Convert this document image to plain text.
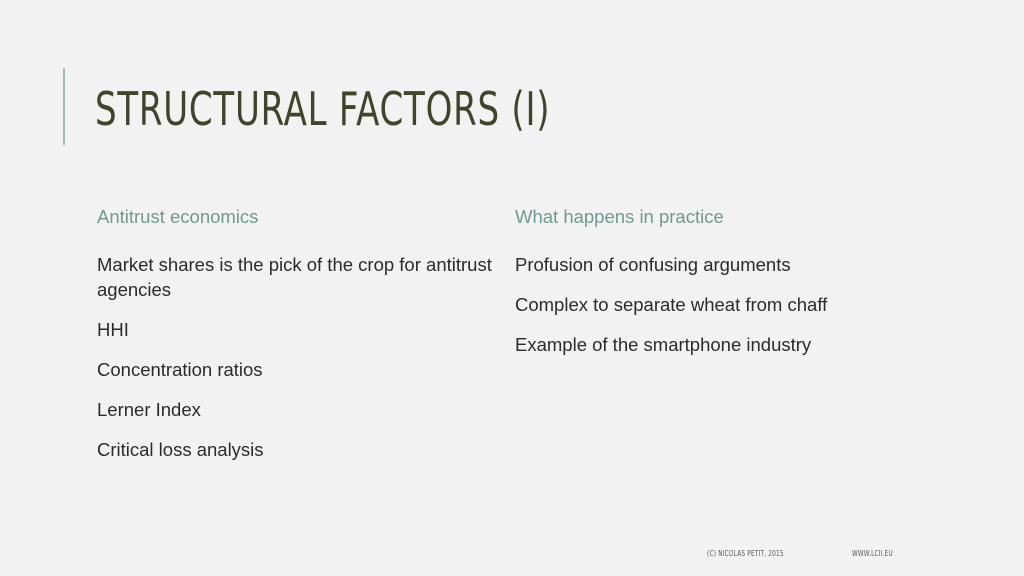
STRUCTURAL FACTORS (I)
Antitrust economics
Market shares is the pick of the crop for antitrust agencies
HHI
Concentration ratios
Lerner Index
Critical loss analysis
What happens in practice
Profusion of confusing arguments
Complex to separate wheat from chaff
Example of the smartphone industry
(C) NICOLAS PETIT, 2015	WWW.LCII.EU
